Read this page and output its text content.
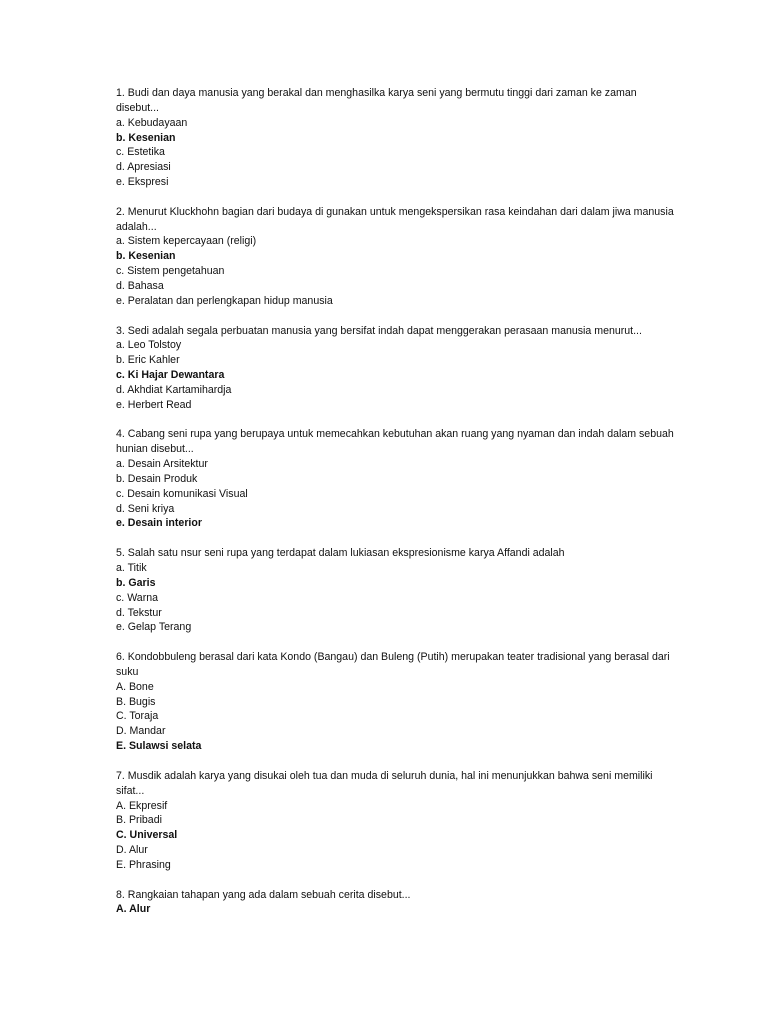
1. Budi dan daya manusia yang berakal dan menghasilka karya seni yang bermutu tinggi dari zaman ke zaman disebut...

a. Kebudayaan

b. Kesenian

c. Estetika

d. Apresiasi

e. Ekspresi

2. Menurut Kluckhohn bagian dari budaya di gunakan untuk mengekspersikan rasa keindahan dari dalam jiwa manusia adalah...

a. Sistem kepercayaan (religi)

b. Kesenian

c. Sistem pengetahuan

d. Bahasa

e. Peralatan dan perlengkapan hidup manusia

3. Sedi adalah segala perbuatan manusia yang bersifat indah dapat menggerakan perasaan manusia menurut...

a. Leo Tolstoy

b. Eric Kahler

c. Ki Hajar Dewantara

d. Akhdiat Kartamihardja

e. Herbert Read

4. Cabang seni rupa yang berupaya untuk memecahkan kebutuhan akan ruang yang nyaman dan indah dalam sebuah hunian disebut...

a. Desain Arsitektur

b. Desain Produk

c. Desain komunikasi Visual

d. Seni kriya

e. Desain interior

5. Salah satu nsur seni rupa yang terdapat dalam lukiasan ekspresionisme karya Affandi adalah

a. Titik

b. Garis

c. Warna

d. Tekstur

e. Gelap Terang

6. Kondobbuleng berasal dari kata Kondo (Bangau) dan Buleng (Putih) merupakan teater tradisional yang berasal dari suku

A. Bone

B. Bugis

C. Toraja

D. Mandar

E. Sulawsi selata

7. Musdik adalah karya yang disukai oleh tua dan muda di seluruh dunia, hal ini menunjukkan bahwa seni memiliki sifat...

A. Ekpresif

B. Pribadi

C. Universal

D. Alur

E. Phrasing

8. Rangkaian tahapan yang ada dalam sebuah cerita disebut...

A. Alur
